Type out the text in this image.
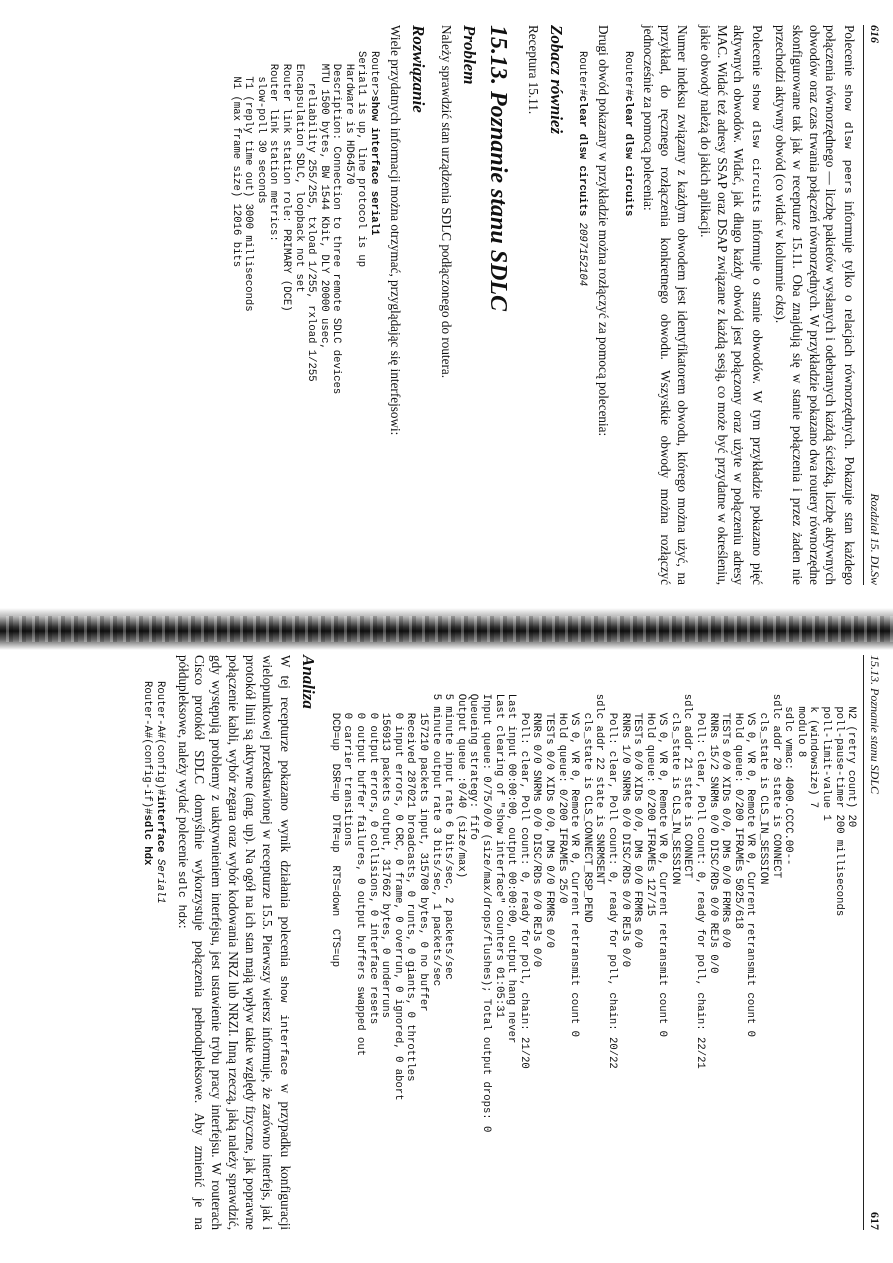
616
Rozdział 15. DLSw

Polecenie show dlsw peers informuje tylko o relacjach równorzędnych. Pokazuje stan każdego połączenia równorzędnego — liczbę pakietów wysłanych i odebranych każdą ścieżką, liczbę aktywnych obwodów oraz czas trwania połączeń równorzędnych. W przykładzie pokazano dwa routery równorzędne skonfigurowane tak jak w recepturze 15.11. Oba znajdują się w stanie połączenia i przez żaden nie przechodzi aktywny obwód (co widać w kolumnie ckts).

Polecenie show dlsw circuits informuje o stanie obwodów. W tym przykładzie pokazano pięć aktywnych obwodów. Widać, jak długo każdy obwód jest połączony oraz użyte w połączeniu adresy MAC. Widać też adresy SSAP oraz DSAP związane z każdą sesją, co może być przydatne w określeniu, jakie obwody należą do jakich aplikacji.

Numer indeksu związany z każdym obwodem jest identyfikatorem obwodu, którego można użyć, na przykład, do ręcznego rozłączenia konkretnego obwodu. Wszystkie obwody można rozłączyć jednocześnie za pomocą polecenia:

Router#clear dlsw circuits

Drugi obwód pokazany w przykładzie można rozłączyć za pomocą polecenia:

Router#clear dlsw circuits 209715210​4
Zobacz również

Receptura 15.11.

15.13. Poznanie stanu SDLC
Problem

Należy sprawdzić stan urządzenia SDLC podłączonego do routera.

Rozwiązanie

Wiele przydatnych informacji można otrzymać, przyglądając się interfejsowi:

Router>show interface serial1
Serial1 is up, line protocol is up
Hardware is HD64570
Description: Connection to three remote SDLC devices
MTU 1500 bytes, BW 1544 Kbit, DLY 20000 usec,
reliability 255/255, txload 1/255, rxload 1/255
Encapsulation SDLC, loopback not set
Router link station role: PRIMARY (DCE)
Router link station metrics:
slow-poll 30 seconds
T1 (reply time out) 3000 milliseconds
N1 (max frame size) 12016 bits
15.13. Poznanie stanu SDLC
617
N2 (retry count) 20
poll-pause-timer 200 milliseconds
poll-limit-value 1
k (windowsize) 7
modulo 8
sdlc vmac: 4000.CCCC.00--
sdlc addr 20 state is CONNECT
cls_state is CLS_IN_SESSION
VS 0, VR 0, Remote VR 0, Current retransmit count 0
Hold queue: 0/200 IFRAMEs 5025/618
TESTs 0/0 XIDs 0/0, DMs 0/0 FRMRs 0/0
RNRs 15/2 SNRMs 0/0 DISC/RDs 0/0 REJs 0/0
Poll: clear, Poll count: 0, ready for poll, chain: 22/21
sdlc addr 21 state is CONNECT
cls_state is CLS_IN_SESSION
VS 0, VR 0, Remote VR 0, Current retransmit count 0
Hold queue: 0/200 IFRAMEs 127/15
TESTs 0/0 XIDs 0/0, DMs 0/0 FRMRs 0/0
RNRs 1/0 SNRMs 0/0 DISC/RDs 0/0 REJs 0/0
Poll: clear, Poll count: 0, ready for poll, chain: 20/22
sdlc addr 22 state is SNRMSENT
cls_state is CLS_CONNECT_RSP_PEND
VS 0, VR 0, Remote VR 0, Current retransmit count 0
Hold queue: 0/200 IFRAMEs 25/0
TESTs 0/0 XIDs 0/0, DMs 0/0 FRMRs 0/0
RNRs 0/0 SNRMs 0/0 DISC/RDs 0/0 REJs 0/0
Poll: clear, Poll count: 0, ready for poll, chain: 21/20
Last input 00:00:00, output 00:00:00, output hang never
Last clearing of "show interface" counters 01:05:31
Input queue: 0/75/0/0 (size/max/drops/flushes); Total output drops: 0
Queueing strategy: fifo
Output queue :0/40 (size/max)
5 minute input rate 6 bits/sec, 2 packets/sec
5 minute output rate 3 bits/sec, 1 packets/sec
157210 packets input, 315708 bytes, 0 no buffer
Received 287021 broadcasts, 0 runts, 0 giants, 0 throttles
0 input errors, 0 CRC, 0 frame, 0 overrun, 0 ignored, 0 abort
156913 packets output, 317662 bytes, 0 underruns
0 output errors, 0 collisions, 0 interface resets
0 output buffer failures, 0 output buffers swapped out
0 carrier transitions
DCD=up  DSR=up  DTR=up  RTS=down  CTS=up
Analiza

W tej recepturze pokazano wynik działania polecenia show interface w przypadku konfiguracji wielopunktowej przedstawionej w recepturze 15.5. Pierwszy wiersz informuje, że zarówno interfejs, jak i protokół linii są aktywne (ang. up). Na ogół na ich stan mają wpływ takie względy fizyczne, jak poprawne połączenie kabli, wybór zegara oraz wybór kodowania NRZ lub NRZI. Inną rzeczą, jaką należy sprawdzić, gdy występują problemy z uaktywnieniem interfejsu, jest ustawienie trybu pracy interfejsu. W routerach Cisco protokół SDLC domyślnie wykorzystuje połączenia pełnodupleksowe. Aby zmienić je na półdupleksowe, należy wydać polecenie sdlc hdx:

Router-A#(config)#interface Serial1
Router-A#(config-if)#sdlc hdx
